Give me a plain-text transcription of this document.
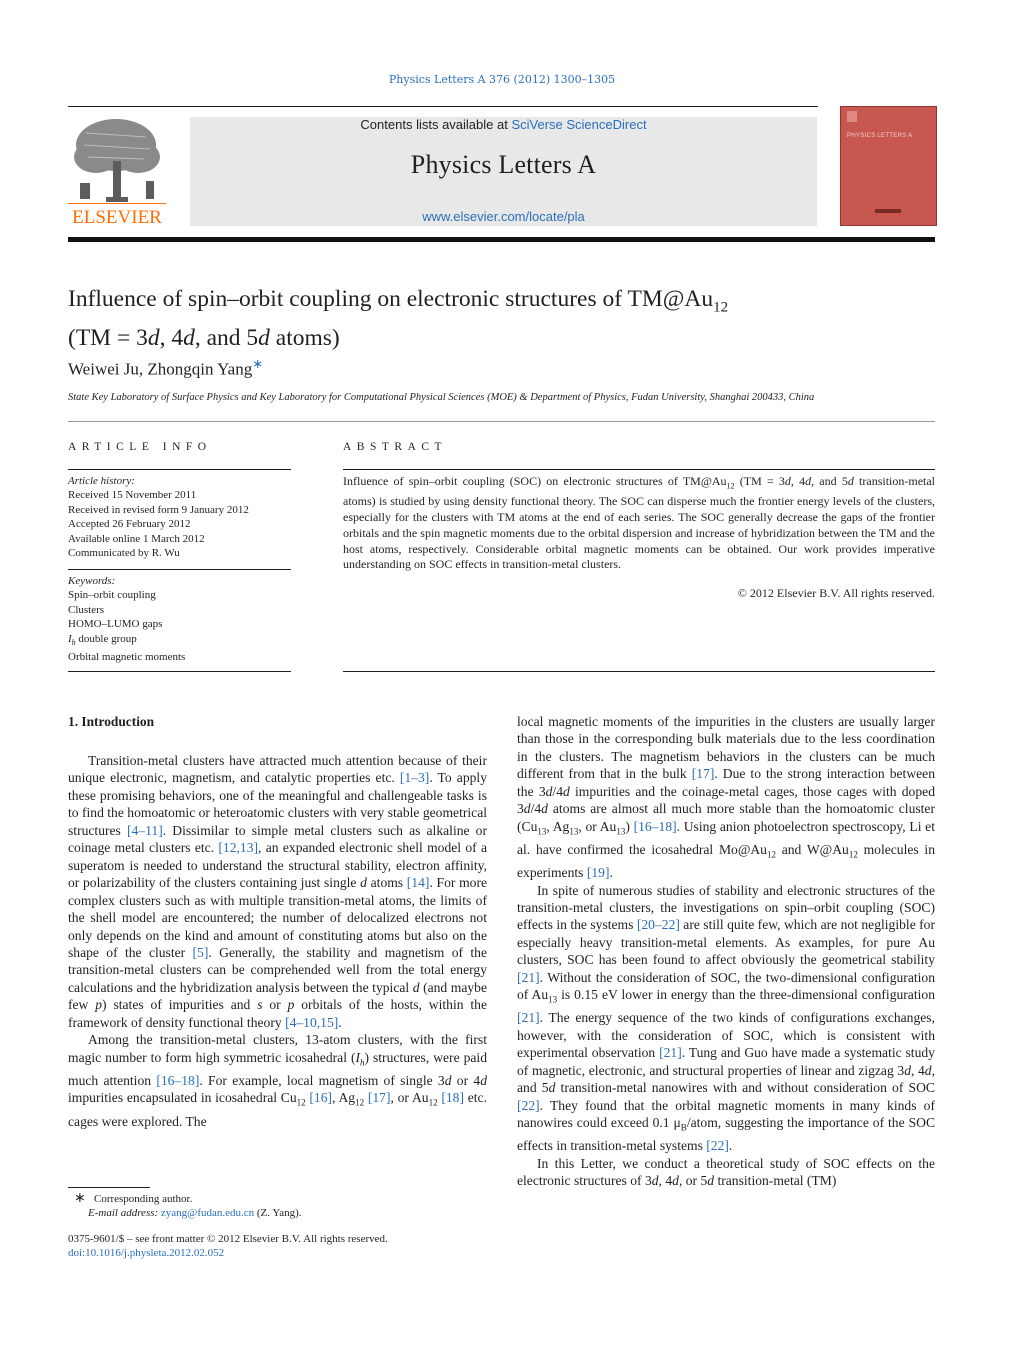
Physics Letters A 376 (2012) 1300–1305
ELSEVIER
Contents lists available at SciVerse ScienceDirect
Physics Letters A
www.elsevier.com/locate/pla
PHYSICS LETTERS A
Influence of spin–orbit coupling on electronic structures of $TM@Au_{12}$
(TM = 3d, 4d, and 5d atoms)
Weiwei Ju, Zhongqin Yang∗
State Key Laboratory of Surface Physics and Key Laboratory for Computational Physical Sciences (MOE) & Department of Physics, Fudan University, Shanghai 200433, China
ARTICLE INFO	ABSTRACT
Article history:
Received 15 November 2011
Received in revised form 9 January 2012
Accepted 26 February 2012
Available online 1 March 2012
Communicated by R. Wu
Keywords:
Spin–orbit coupling
Clusters
HOMO–LUMO gaps
$I_h$ double group
Orbital magnetic moments
Influence of spin–orbit coupling (SOC) on electronic structures of $TM@Au_{12}$ (TM = 3d, 4d, and 5d transition-metal atoms) is studied by using density functional theory. The SOC can disperse much the frontier energy levels of the clusters, especially for the clusters with TM atoms at the end of each series. The SOC generally decrease the gaps of the frontier orbitals and the spin magnetic moments due to the orbital dispersion and increase of hybridization between the TM and the host atoms, respectively. Considerable orbital magnetic moments can be obtained. Our work provides imperative understanding on SOC effects in transition-metal clusters.
© 2012 Elsevier B.V. All rights reserved.
1. Introduction

Transition-metal clusters have attracted much attention because of their unique electronic, magnetism, and catalytic properties etc. [1–3]. To apply these promising behaviors, one of the meaningful and challengeable tasks is to find the homoatomic or heteroatomic clusters with very stable geometrical structures [4–11]. Dissimilar to simple metal clusters such as alkaline or coinage metal clusters etc. [12,13], an expanded electronic shell model of a superatom is needed to understand the structural stability, electron affinity, or polarizability of the clusters containing just single d atoms [14]. For more complex clusters such as with multiple transition-metal atoms, the limits of the shell model are encountered; the number of delocalized electrons not only depends on the kind and amount of constituting atoms but also on the shape of the cluster [5]. Generally, the stability and magnetism of the transition-metal clusters can be comprehended well from the total energy calculations and the hybridization analysis between the typical d (and maybe few p) states of impurities and s or p orbitals of the hosts, within the framework of density functional theory [4–10,15].

Among the transition-metal clusters, 13-atom clusters, with the first magic number to form high symmetric icosahedral $(I_h)$ structures, were paid much attention [16–18]. For example, local magnetism of single 3d or 4d impurities encapsulated in icosahedral $Cu_{12}$ [16], $Ag_{12}$ [17], or $Au_{12}$ [18] etc. cages were explored. The

local magnetic moments of the impurities in the clusters are usually larger than those in the corresponding bulk materials due to the less coordination in the clusters. The magnetism behaviors in the clusters can be much different from that in the bulk [17]. Due to the strong interaction between the 3d/4d impurities and the coinage-metal cages, those cages with doped 3d/4d atoms are almost all much more stable than the homoatomic cluster ($Cu_{13}$, $Ag_{13}$, or $Au_{13}$) [16–18]. Using anion photoelectron spectroscopy, Li et al. have confirmed the icosahedral $Mo@Au_{12}$ and $W@Au_{12}$ molecules in experiments [19].

In spite of numerous studies of stability and electronic structures of the transition-metal clusters, the investigations on spin–orbit coupling (SOC) effects in the systems [20–22] are still quite few, which are not negligible for especially heavy transition-metal elements. As examples, for pure Au clusters, SOC has been found to affect obviously the geometrical stability [21]. Without the consideration of SOC, the two-dimensional configuration of $Au_{13}$ is 0.15 eV lower in energy than the three-dimensional configuration [21]. The energy sequence of the two kinds of configurations exchanges, however, with the consideration of SOC, which is consistent with experimental observation [21]. Tung and Guo have made a systematic study of magnetic, electronic, and structural properties of linear and zigzag 3d, 4d, and 5d transition-metal nanowires with and without consideration of SOC [22]. They found that the orbital magnetic moments in many kinds of nanowires could exceed 0.1 $\mu_B$/atom, suggesting the importance of the SOC effects in transition-metal systems [22].

In this Letter, we conduct a theoretical study of SOC effects on the electronic structures of 3d, 4d, or 5d transition-metal (TM)

∗ Corresponding author.
E-mail address: zyang@fudan.edu.cn (Z. Yang).
0375-9601/$ – see front matter © 2012 Elsevier B.V. All rights reserved.
doi:10.1016/j.physleta.2012.02.052
